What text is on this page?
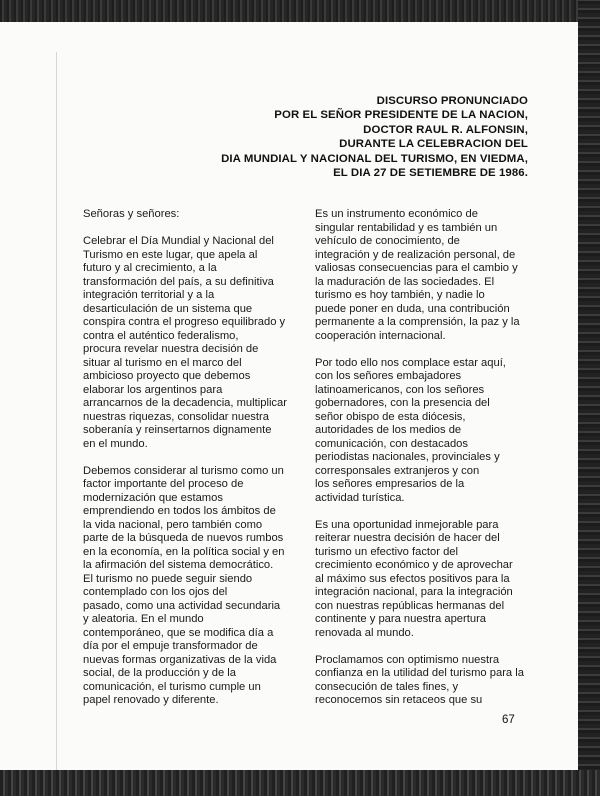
DISCURSO PRONUNCIADO
POR EL SEÑOR PRESIDENTE DE LA NACION,
DOCTOR RAUL R. ALFONSIN,
DURANTE LA CELEBRACION DEL
DIA MUNDIAL Y NACIONAL DEL TURISMO, EN VIEDMA,
EL DIA 27 DE SETIEMBRE DE 1986.
Señoras y señores:
Celebrar el Día Mundial y Nacional del
Turismo en este lugar, que apela al
futuro y al crecimiento, a la
transformación del país, a su definitiva
integración territorial y a la
desarticulación de un sistema que
conspira contra el progreso equilibrado y
contra el auténtico federalismo,
procura revelar nuestra decisión de
situar al turismo en el marco del
ambicioso proyecto que debemos
elaborar los argentinos para
arrancarnos de la decadencia, multiplicar
nuestras riquezas, consolidar nuestra
soberanía y reinsertarnos dignamente
en el mundo.
Debemos considerar al turismo como un
factor importante del proceso de
modernización que estamos
emprendiendo en todos los ámbitos de
la vida nacional, pero también como
parte de la búsqueda de nuevos rumbos
en la economía, en la política social y en
la afirmación del sistema democrático.
El turismo no puede seguir siendo
contemplado con los ojos del
pasado, como una actividad secundaria
y aleatoria. En el mundo
contemporáneo, que se modifica día a
día por el empuje transformador de
nuevas formas organizativas de la vida
social, de la producción y de la
comunicación, el turismo cumple un
papel renovado y diferente.
Es un instrumento económico de
singular rentabilidad y es también un
vehículo de conocimiento, de
integración y de realización personal, de
valiosas consecuencias para el cambio y
la maduración de las sociedades. El
turismo es hoy también, y nadie lo
puede poner en duda, una contribución
permanente a la comprensión, la paz y la
cooperación internacional.
Por todo ello nos complace estar aquí,
con los señores embajadores
latinoamericanos, con los señores
gobernadores, con la presencia del
señor obispo de esta diócesis,
autoridades de los medios de
comunicación, con destacados
periodistas nacionales, provinciales y
corresponsales extranjeros y con
los señores empresarios de la
actividad turística.
Es una oportunidad inmejorable para
reiterar nuestra decisión de hacer del
turismo un efectivo factor del
crecimiento económico y de aprovechar
al máximo sus efectos positivos para la
integración nacional, para la integración
con nuestras repúblicas hermanas del
continente y para nuestra apertura
renovada al mundo.
Proclamamos con optimismo nuestra
confianza en la utilidad del turismo para la
consecución de tales fines, y
reconocemos sin retaceos que su
67
